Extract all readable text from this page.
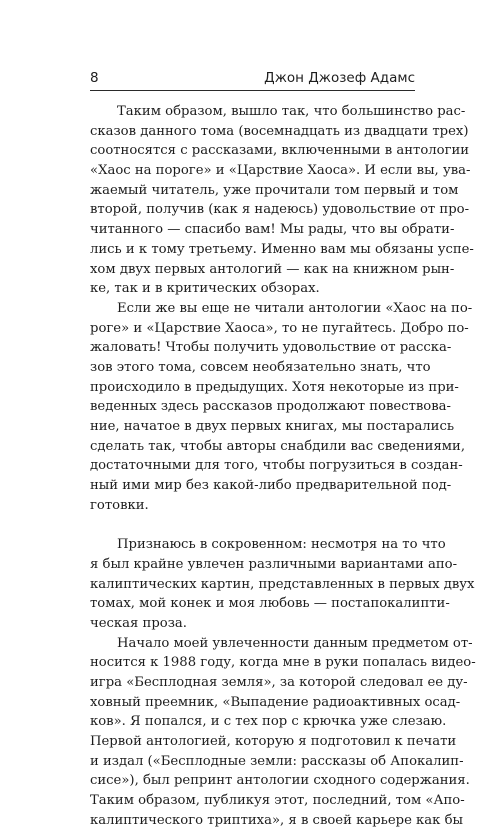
8	Джон Джозеф Адамс
Таким образом, вышло так, что большинство рас-
сказов данного тома (восемнадцать из двадцати трех)
соотносятся с рассказами, включенными в антологии
«Хаос на пороге» и «Царствие Хаоса». И если вы, ува-
жаемый читатель, уже прочитали том первый и том
второй, получив (как я надеюсь) удовольствие от про-
читанного — спасибо вам! Мы рады, что вы обрати-
лись и к тому третьему. Именно вам мы обязаны успе-
хом двух первых антологий — как на книжном рын-
ке, так и в критических обзорах.
Если же вы еще не читали антологии «Хаос на по-
роге» и «Царствие Хаоса», то не пугайтесь. Добро по-
жаловать! Чтобы получить удовольствие от расска-
зов этого тома, совсем необязательно знать, что
происходило в предыдущих. Хотя некоторые из при-
веденных здесь рассказов продолжают повествова-
ние, начатое в двух первых книгах, мы постарались
сделать так, чтобы авторы снабдили вас сведениями,
достаточными для того, чтобы погрузиться в создан-
ный ими мир без какой-либо предварительной под-
готовки.
Признаюсь в сокровенном: несмотря на то что
я был крайне увлечен различными вариантами апо-
калиптических картин, представленных в первых двух
томах, мой конек и моя любовь — постапокалипти-
ческая проза.
Начало моей увлеченности данным предметом от-
носится к 1988 году, когда мне в руки попалась видео-
игра «Бесплодная земля», за которой следовал ее ду-
ховный преемник, «Выпадение радиоактивных осад-
ков». Я попался, и с тех пор с крючка уже слезаю.
Первой антологией, которую я подготовил к печати
и издал («Бесплодные земли: рассказы об Апокалип-
сисе»), был репринт антологии сходного содержания.
Таким образом, публикуя этот, последний, том «Апо-
калиптического триптиха», я в своей карьере как бы
